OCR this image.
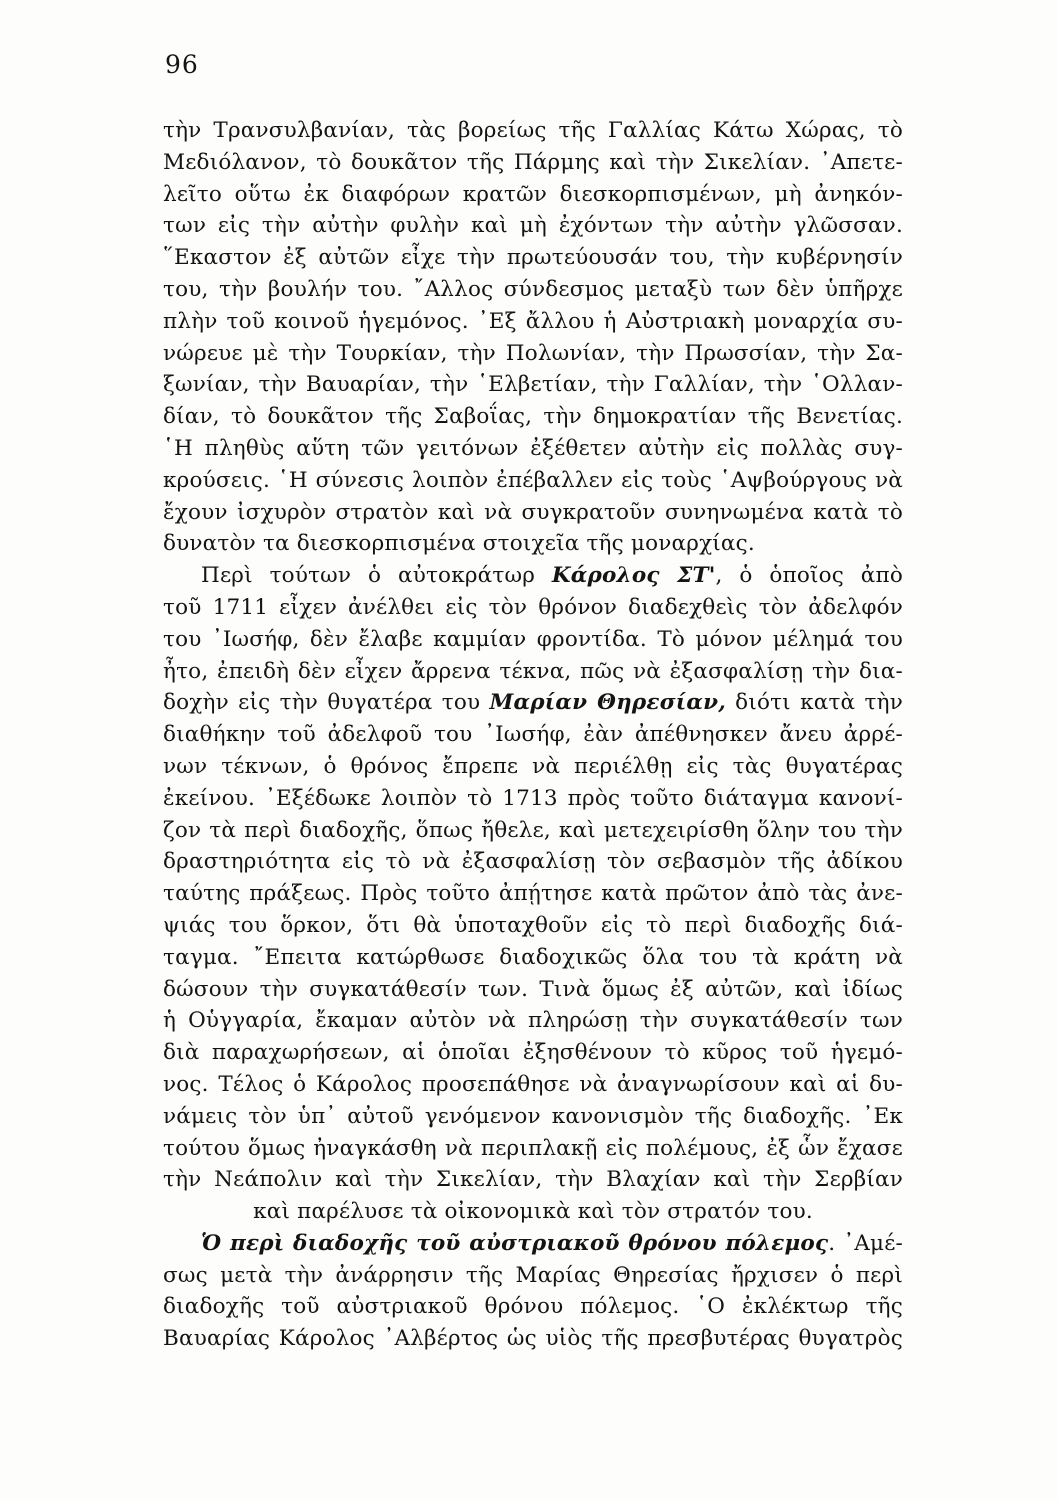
96
τὴν Τρανσυλβανίαν, τὰς βορείως τῆς Γαλλίας Κάτω Χώρας, τὸ
Μεδιόλανον, τὸ δουκᾶτον τῆς Πάρμης καὶ τὴν Σικελίαν. ᾿Απετε-
λεῖτο οὕτω ἐκ διαφόρων κρατῶν διεσκορπισμένων, μὴ ἀνηκόν-
των εἰς τὴν αὐτὴν φυλὴν καὶ μὴ ἐχόντων τὴν αὐτὴν γλῶσσαν.
῞Εκαστον ἐξ αὐτῶν εἶχε τὴν πρωτεύουσάν του, τὴν κυβέρνησίν
του, τὴν βουλήν του. ῎Αλλος σύνδεσμος μεταξὺ των δὲν ὑπῆρχε
πλὴν τοῦ κοινοῦ ἡγεμόνος. ᾿Εξ ἄλλου ἡ Αὐστριακὴ μοναρχία συ-
νώρευε μὲ τὴν Τουρκίαν, τὴν Πολωνίαν, τὴν Πρωσσίαν, τὴν Σα-
ξωνίαν, τὴν Βαυαρίαν, τὴν ῾Ελβετίαν, τὴν Γαλλίαν, τὴν ῾Ολλαν-
δίαν, τὸ δουκᾶτον τῆς Σαβοΐας, τὴν δημοκρατίαν τῆς Βενετίας.
῾Η πληθὺς αὕτη τῶν γειτόνων ἐξέθετεν αὐτὴν εἰς πολλὰς συγ-
κρούσεις. ῾Η σύνεσις λοιπὸν ἐπέβαλλεν εἰς τοὺς ῾Αψβούργους νὰ
ἔχουν ἰσχυρὸν στρατὸν καὶ νὰ συγκρατοῦν συνηνωμένα κατὰ τὸ
δυνατὸν τα διεσκορπισμένα στοιχεῖα τῆς μοναρχίας.
Περὶ τούτων ὁ αὐτοκράτωρ Κάρολος ΣΤ', ὁ ὁποῖος ἀπὸ
τοῦ 1711 εἶχεν ἀνέλθει εἰς τὸν θρόνον διαδεχθεὶς τὸν ἀδελφόν
του ᾿Ιωσήφ, δὲν ἔλαβε καμμίαν φροντίδα. Τὸ μόνον μέλημά του
ἦτο, ἐπειδὴ δὲν εἶχεν ἄρρενα τέκνα, πῶς νὰ ἐξασφαλίσῃ τὴν δια-
δοχὴν εἰς τὴν θυγατέρα του Μαρίαν Θηρεσίαν, διότι κατὰ τὴν
διαθήκην τοῦ ἀδελφοῦ του ᾿Ιωσήφ, ἐὰν ἀπέθνησκεν ἄνευ ἀρρέ-
νων τέκνων, ὁ θρόνος ἔπρεπε νὰ περιέλθῃ εἰς τὰς θυγατέρας
ἐκείνου. ᾿Εξέδωκε λοιπὸν τὸ 1713 πρὸς τοῦτο διάταγμα κανονί-
ζον τὰ περὶ διαδοχῆς, ὅπως ἤθελε, καὶ μετεχειρίσθη ὅλην του τὴν
δραστηριότητα εἰς τὸ νὰ ἐξασφαλίσῃ τὸν σεβασμὸν τῆς ἀδίκου
ταύτης πράξεως. Πρὸς τοῦτο ἀπῄτησε κατὰ πρῶτον ἀπὸ τὰς ἀνε-
ψιάς του ὅρκον, ὅτι θὰ ὑποταχθοῦν εἰς τὸ περὶ διαδοχῆς διά-
ταγμα. ῎Επειτα κατώρθωσε διαδοχικῶς ὅλα του τὰ κράτη νὰ
δώσουν τὴν συγκατάθεσίν των. Τινὰ ὅμως ἐξ αὐτῶν, καὶ ἰδίως
ἡ Οὑγγαρία, ἔκαμαν αὐτὸν νὰ πληρώσῃ τὴν συγκατάθεσίν των
διὰ παραχωρήσεων, αἱ ὁποῖαι ἐξησθένουν τὸ κῦρος τοῦ ἡγεμό-
νος. Τέλος ὁ Κάρολος προσεπάθησε νὰ ἀναγνωρίσουν καὶ αἱ δυ-
νάμεις τὸν ὑπ᾿ αὐτοῦ γενόμενον κανονισμὸν τῆς διαδοχῆς. ᾿Εκ
τούτου ὅμως ἠναγκάσθη νὰ περιπλακῇ εἰς πολέμους, ἐξ ὧν ἔχασε
τὴν Νεάπολιν καὶ τὴν Σικελίαν, τὴν Βλαχίαν καὶ τὴν Σερβίαν
καὶ παρέλυσε τὰ οἰκονομικὰ καὶ τὸν στρατόν του.
Ὁ περὶ διαδοχῆς τοῦ αὐστριακοῦ θρόνου πόλεμος. ᾿Αμέ-
σως μετὰ τὴν ἀνάρρησιν τῆς Μαρίας Θηρεσίας ἤρχισεν ὁ περὶ
διαδοχῆς τοῦ αὐστριακοῦ θρόνου πόλεμος. ῾Ο ἐκλέκτωρ τῆς
Βαυαρίας Κάρολος ᾿Αλβέρτος ὡς υἱὸς τῆς πρεσβυτέρας θυγατρὸς
